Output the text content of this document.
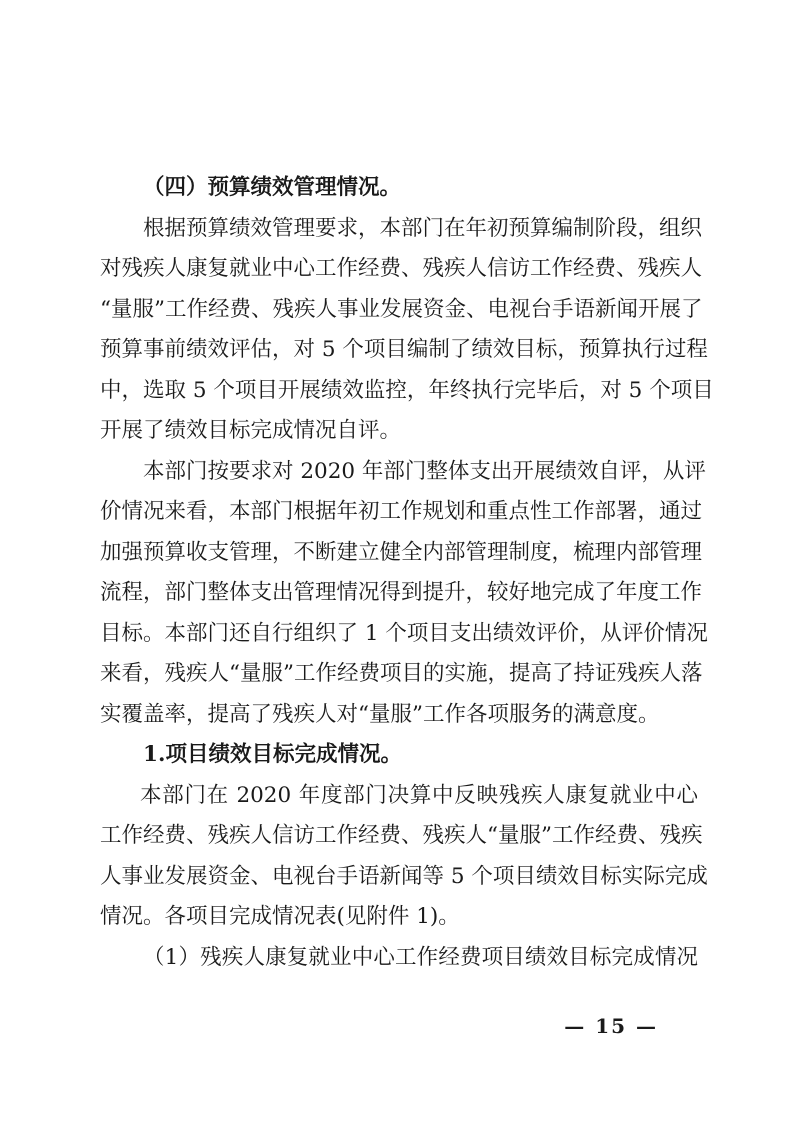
（四）预算绩效管理情况。
根据预算绩效管理要求，本部门在年初预算编制阶段，组织
对残疾人康复就业中心工作经费、残疾人信访工作经费、残疾人
“量服”工作经费、残疾人事业发展资金、电视台手语新闻开展了
预算事前绩效评估，对 5 个项目编制了绩效目标，预算执行过程
中，选取 5 个项目开展绩效监控，年终执行完毕后，对 5 个项目
开展了绩效目标完成情况自评。
本部门按要求对 2020 年部门整体支出开展绩效自评，从评
价情况来看，本部门根据年初工作规划和重点性工作部署，通过
加强预算收支管理，不断建立健全内部管理制度，梳理内部管理
流程，部门整体支出管理情况得到提升，较好地完成了年度工作
目标。本部门还自行组织了 1 个项目支出绩效评价，从评价情况
来看，残疾人“量服”工作经费项目的实施，提高了持证残疾人落
实覆盖率，提高了残疾人对“量服”工作各项服务的满意度。
1.项目绩效目标完成情况。
本部门在 2020 年度部门决算中反映残疾人康复就业中心
工作经费、残疾人信访工作经费、残疾人“量服”工作经费、残疾
人事业发展资金、电视台手语新闻等 5 个项目绩效目标实际完成
情况。各项目完成情况表(见附件 1)。
（1）残疾人康复就业中心工作经费项目绩效目标完成情况
— 15 —
